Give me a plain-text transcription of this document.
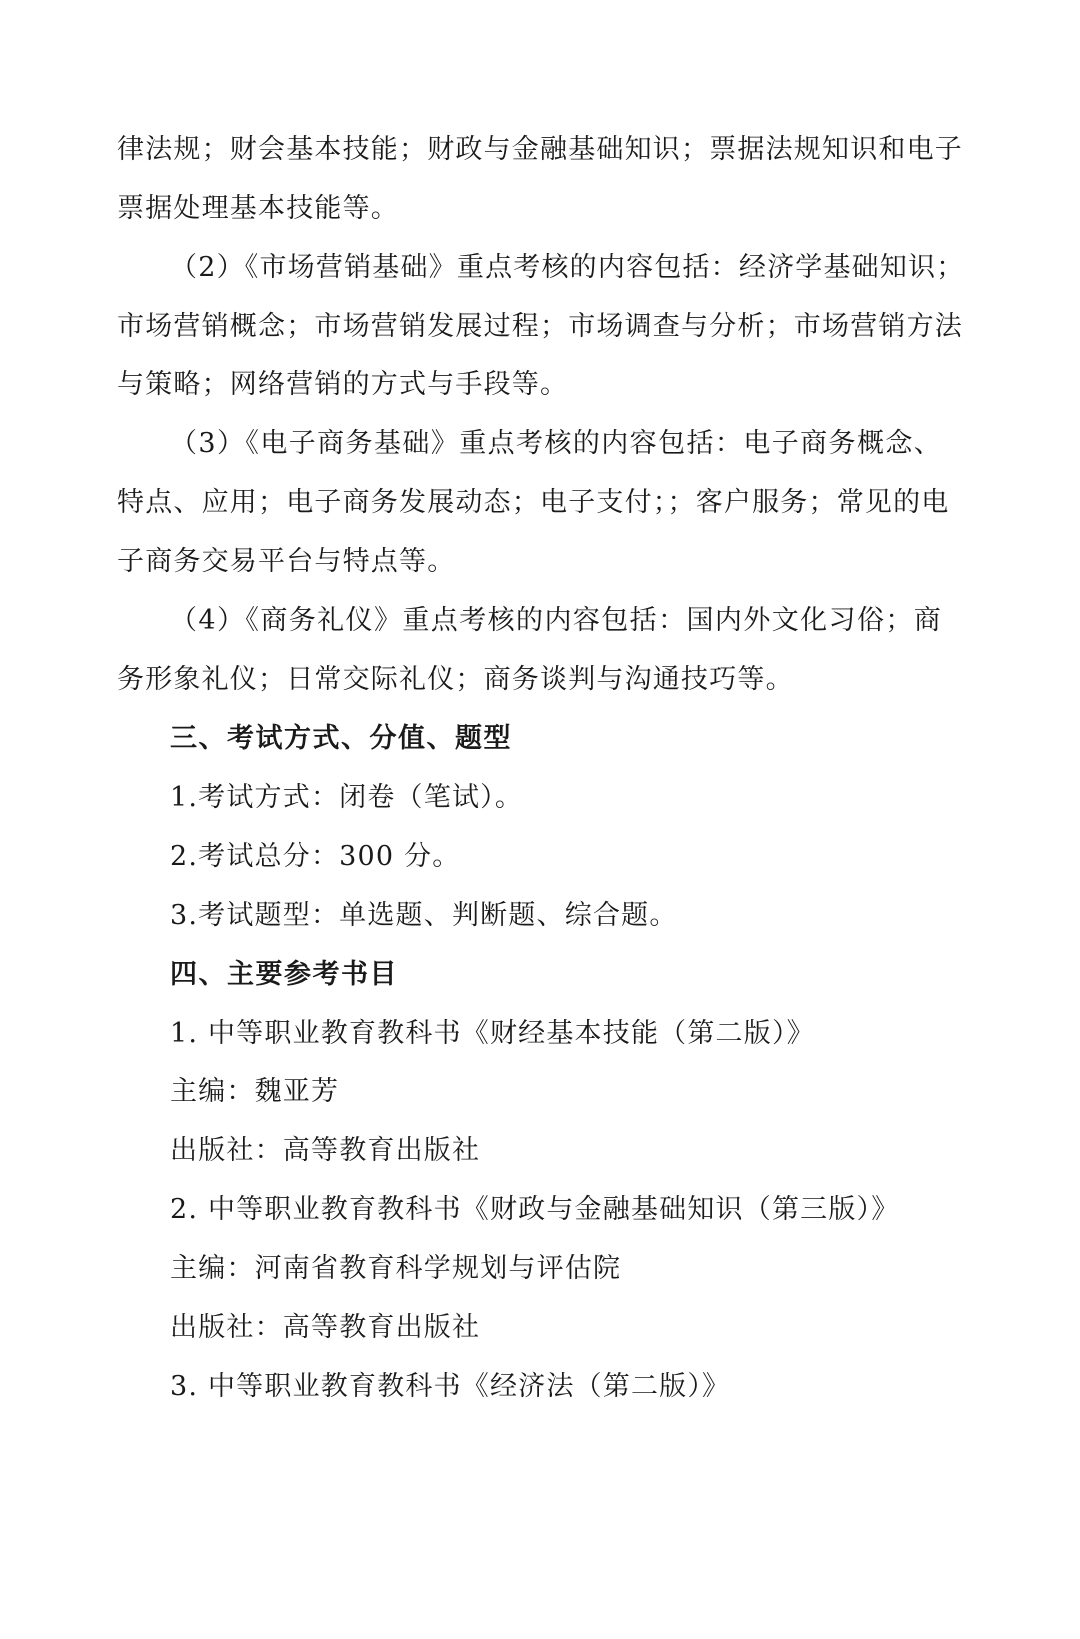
律法规；财会基本技能；财政与金融基础知识；票据法规知识和电子
票据处理基本技能等。
（2）《市场营销基础》重点考核的内容包括：经济学基础知识；
市场营销概念；市场营销发展过程；市场调查与分析；市场营销方法
与策略；网络营销的方式与手段等。
（3）《电子商务基础》重点考核的内容包括：电子商务概念、
特点、应用；电子商务发展动态；电子支付；；客户服务；常见的电
子商务交易平台与特点等。
（4）《商务礼仪》重点考核的内容包括：国内外文化习俗；商
务形象礼仪；日常交际礼仪；商务谈判与沟通技巧等。
三、考试方式、分值、题型
1.考试方式：闭卷（笔试）。
2.考试总分：300 分。
3.考试题型：单选题、判断题、综合题。
四、主要参考书目
1. 中等职业教育教科书《财经基本技能（第二版）》
主编：魏亚芳
出版社：高等教育出版社
2. 中等职业教育教科书《财政与金融基础知识（第三版）》
主编：河南省教育科学规划与评估院
出版社：高等教育出版社
3. 中等职业教育教科书《经济法（第二版）》
